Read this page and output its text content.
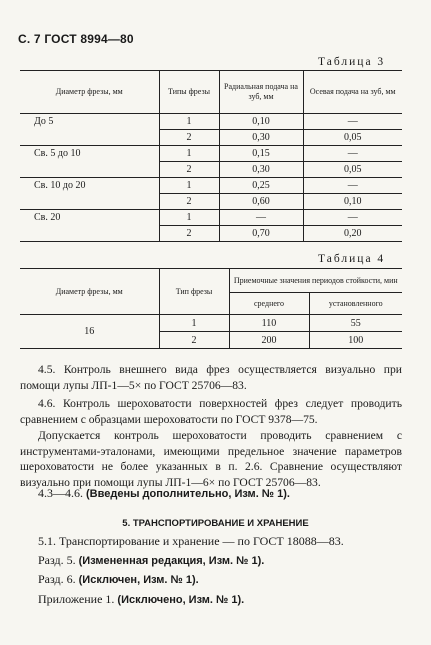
С. 7 ГОСТ 8994—80
Таблица 3
Диаметр фрезы, мм	Типы фрезы	Радиальная подача на зуб, мм	Осевая подача на зуб, мм
До 5	1	0,10	—
	2	0,30	0,05
Св. 5 до 10	1	0,15	—
	2	0,30	0,05
Св. 10 до 20	1	0,25	—
	2	0,60	0,10
Св. 20	1	—	—
	2	0,70	0,20
Таблица 4
Диаметр фрезы, мм	Тип фрезы	Приемочные значения периодов стойкости, мин	
		среднего	установленного
16	1	110	55
	2	200	100
4.5. Контроль внешнего вида фрез осуществляется визуально при помощи лупы ЛП-1—5× по ГОСТ 25706—83.
4.6. Контроль шероховатости поверхностей фрез следует проводить сравнением с образцами шероховатости по ГОСТ 9378—75.
Допускается контроль шероховатости проводить сравнением с инструментами-эталонами, имеющими предельное значение параметров шероховатости не более указанных в п. 2.6. Сравнение осуществляют визуально при помощи лупы ЛП-1—6× по ГОСТ 25706—83.
4.3—4.6. (Введены дополнительно, Изм. № 1).
5. ТРАНСПОРТИРОВАНИЕ И ХРАНЕНИЕ
5.1. Транспортирование и хранение — по ГОСТ 18088—83.
Разд. 5. (Измененная редакция, Изм. № 1).
Разд. 6. (Исключен, Изм. № 1).
Приложение 1. (Исключено, Изм. № 1).
